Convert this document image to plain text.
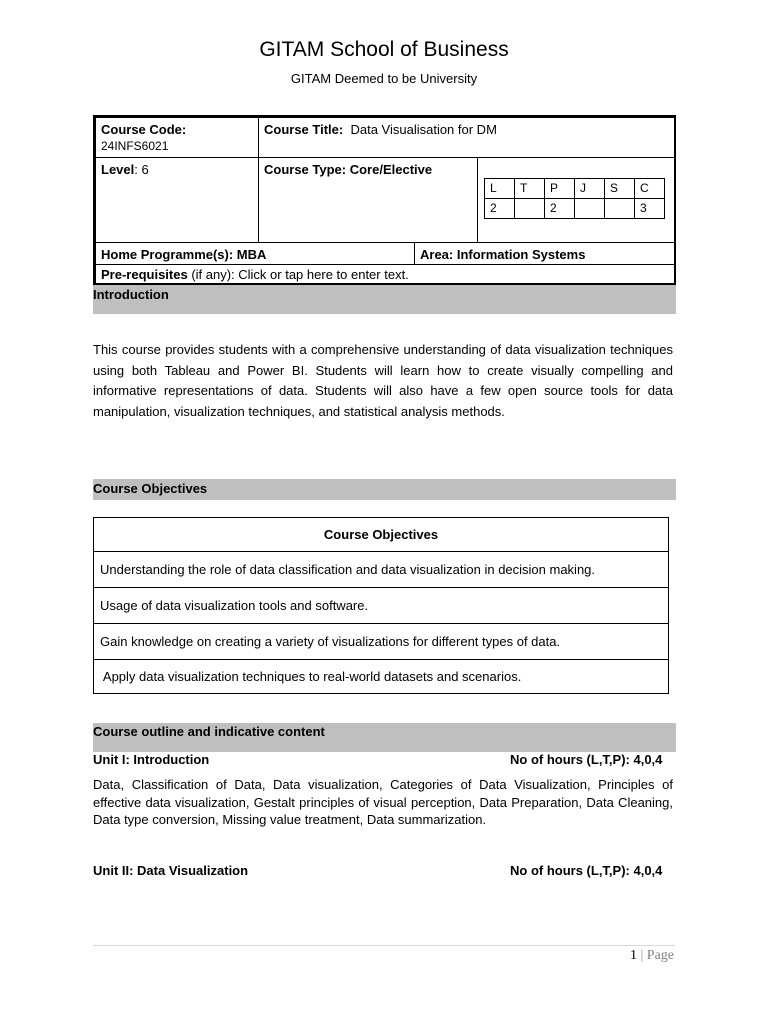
GITAM School of Business
GITAM Deemed to be University
Course Code:
24INFS6021
Course Title: Data Visualisation for DM
Level: 6	Course Type: Core/Elective
L	T	P	J	S	C
2		2			3
Home Programme(s): MBA	Area: Information Systems
Pre-requisites (if any): Click or tap here to enter text.
Introduction
This course provides students with a comprehensive understanding of data visualization techniques using both Tableau and Power BI. Students will learn how to create visually compelling and informative representations of data. Students will also have a few open source tools for data manipulation, visualization techniques, and statistical analysis methods.
Course Objectives
Course Objectives
Understanding the role of data classification and data visualization in decision making.
Usage of data visualization tools and software.
Gain knowledge on creating a variety of visualizations for different types of data.
Apply data visualization techniques to real-world datasets and scenarios.
Course outline and indicative content
Unit I: Introduction	No of hours (L,T,P): 4,0,4
Data, Classification of Data, Data visualization, Categories of Data Visualization, Principles of effective data visualization, Gestalt principles of visual perception, Data Preparation, Data Cleaning, Data type conversion, Missing value treatment, Data summarization.
Unit II: Data Visualization	No of hours (L,T,P): 4,0,4
1 | Page
